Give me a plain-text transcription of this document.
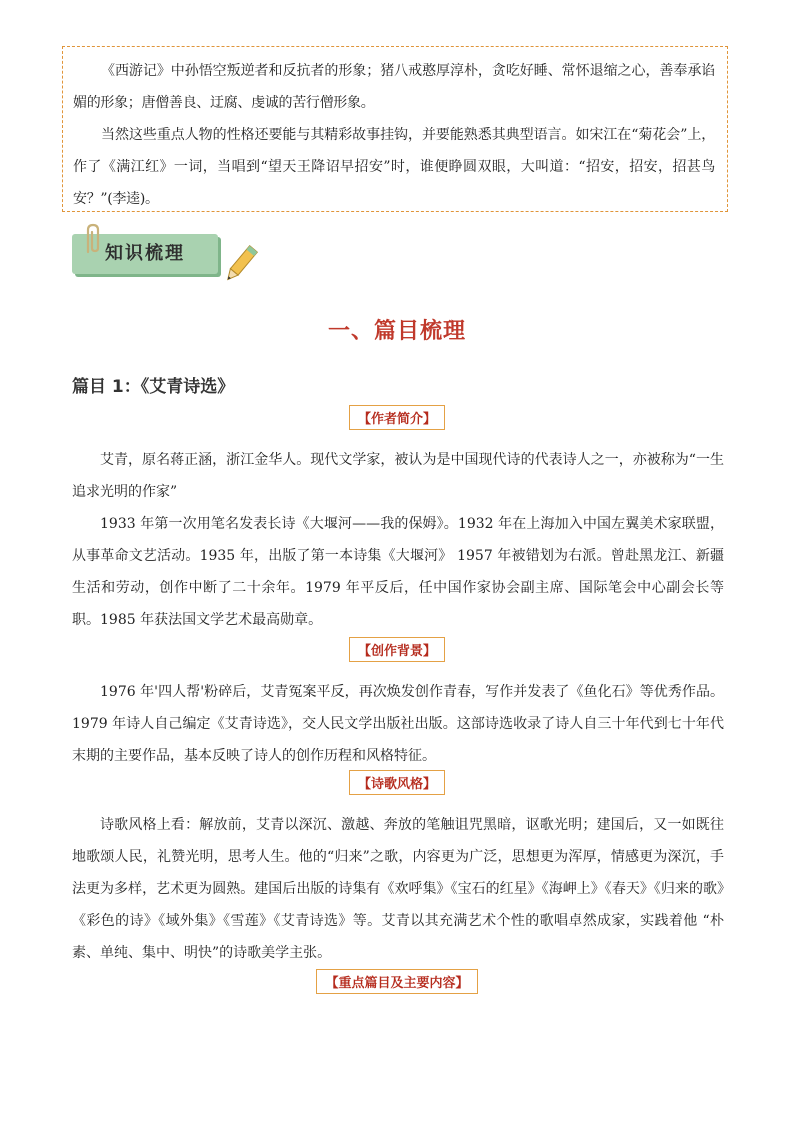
《西游记》中孙悟空叛逆者和反抗者的形象；猪八戒憨厚淳朴，贪吃好睡、常怀退缩之心，善奉承谄媚的形象；唐僧善良、迂腐、虔诚的苦行僧形象。

当然这些重点人物的性格还要能与其精彩故事挂钩，并要能熟悉其典型语言。如宋江在“菊花会”上，作了《满江红》一词，当唱到“望天王降诏早招安”时，谁便睁圆双眼，大叫道：“招安，招安，招甚鸟安？”(李逵)。

知识梳理
一、篇目梳理
篇目 1：《艾青诗选》
【作者简介】

艾青，原名蒋正涵，浙江金华人。现代文学家，被认为是中国现代诗的代表诗人之一，亦被称为“一生追求光明的作家”

1933 年第一次用笔名发表长诗《大堰河——我的保姆》。1932 年在上海加入中国左翼美术家联盟，从事革命文艺活动。1935 年，出版了第一本诗集《大堰河》 1957 年被错划为右派。曾赴黑龙江、新疆生活和劳动，创作中断了二十余年。1979 年平反后，任中国作家协会副主席、国际笔会中心副会长等职。1985 年获法国文学艺术最高勋章。

【创作背景】

1976 年'四人帮'粉碎后，艾青冤案平反，再次焕发创作青春，写作并发表了《鱼化石》等优秀作品。1979 年诗人自己编定《艾青诗选》，交人民文学出版社出版。这部诗选收录了诗人自三十年代到七十年代末期的主要作品，基本反映了诗人的创作历程和风格特征。

【诗歌风格】

诗歌风格上看：解放前，艾青以深沉、激越、奔放的笔触诅咒黑暗，讴歌光明；建国后，又一如既往地歌颂人民，礼赞光明，思考人生。他的“归来”之歌，内容更为广泛，思想更为浑厚，情感更为深沉，手法更为多样，艺术更为圆熟。建国后出版的诗集有《欢呼集》《宝石的红星》《海岬上》《春天》《归来的歌》《彩色的诗》《域外集》《雪莲》《艾青诗选》等。艾青以其充满艺术个性的歌唱卓然成家，实践着他 “朴素、单纯、集中、明快”的诗歌美学主张。

【重点篇目及主要内容】
